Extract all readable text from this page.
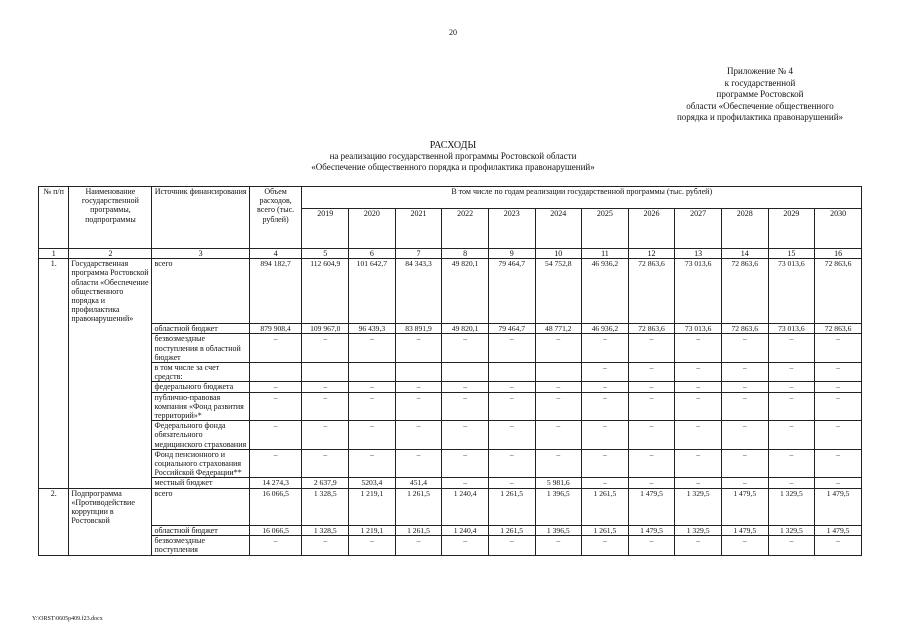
20
Приложение № 4
к государственной
программе Ростовской
области «Обеспечение общественного
порядка и профилактика правонарушений»
РАСХОДЫ
на реализацию государственной программы Ростовской области
«Обеспечение общественного порядка и профилактика правонарушений»
№ п/п	Наименование государственной программы, подпрограммы	Источник финансирования	Объем расходов, всего (тыс. рублей)	В том числе по годам реализации государственной программы (тыс. рублей)											
				2019	2020	2021	2022	2023	2024	2025	2026	2027	2028	2029	2030
1	2	3	4	5	6	7	8	9	10	11	12	13	14	15	16
1.	Государственная программа Ростовской области «Обеспечение общественного порядка и профилактика правонарушений»	всего	894 182,7	112 604,9	101 642,7	84 343,3	49 820,1	79 464,7	54 752,8	46 936,2	72 863,6	73 013,6	72 863,6	73 013,6	72 863,6
		областной бюджет	879 908,4	109 967,0	96 439,3	83 891,9	49 820,1	79 464,7	48 771,2	46 936,2	72 863,6	73 013,6	72 863,6	73 013,6	72 863,6
		безвозмездные поступления в областной бюджет	–	–	–	–	–	–	–	–	–	–	–	–	–
		в том числе за счет средств:								–	–	–	–	–	–
		федерального бюджета	–	–	–	–	–	–	–	–	–	–	–	–	–
		публично-правовая компания «Фонд развития территорий»*	–	–	–	–	–	–	–	–	–	–	–	–	–
		Федерального фонда обязательного медицинского страхования	–	–	–	–	–	–	–	–	–	–	–	–	–
		Фонд пенсионного и социального страхования Российской Федерации**	–	–	–	–	–	–	–	–	–	–	–	–	–
		местный бюджет	14 274,3	2 637,9	5203,4	451,4	–	–	5 981,6	–	–	–	–	–	–
2.	Подпрограмма «Противодействие коррупции в Ростовской	всего	16 066,5	1 328,5	1 219,1	1 261,5	1 240,4	1 261,5	1 396,5	1 261,5	1 479,5	1 329,5	1 479,5	1 329,5	1 479,5
		областной бюджет	16 066,5	1 328,5	1 219,1	1 261,5	1 240,4	1 261,5	1 396,5	1 261,5	1 479,5	1 329,5	1 479,5	1 329,5	1 479,5
		безвозмездные поступления	–	–	–	–	–	–	–	–	–	–	–	–	–
Y:\ORST\0605p409.f23.docx
